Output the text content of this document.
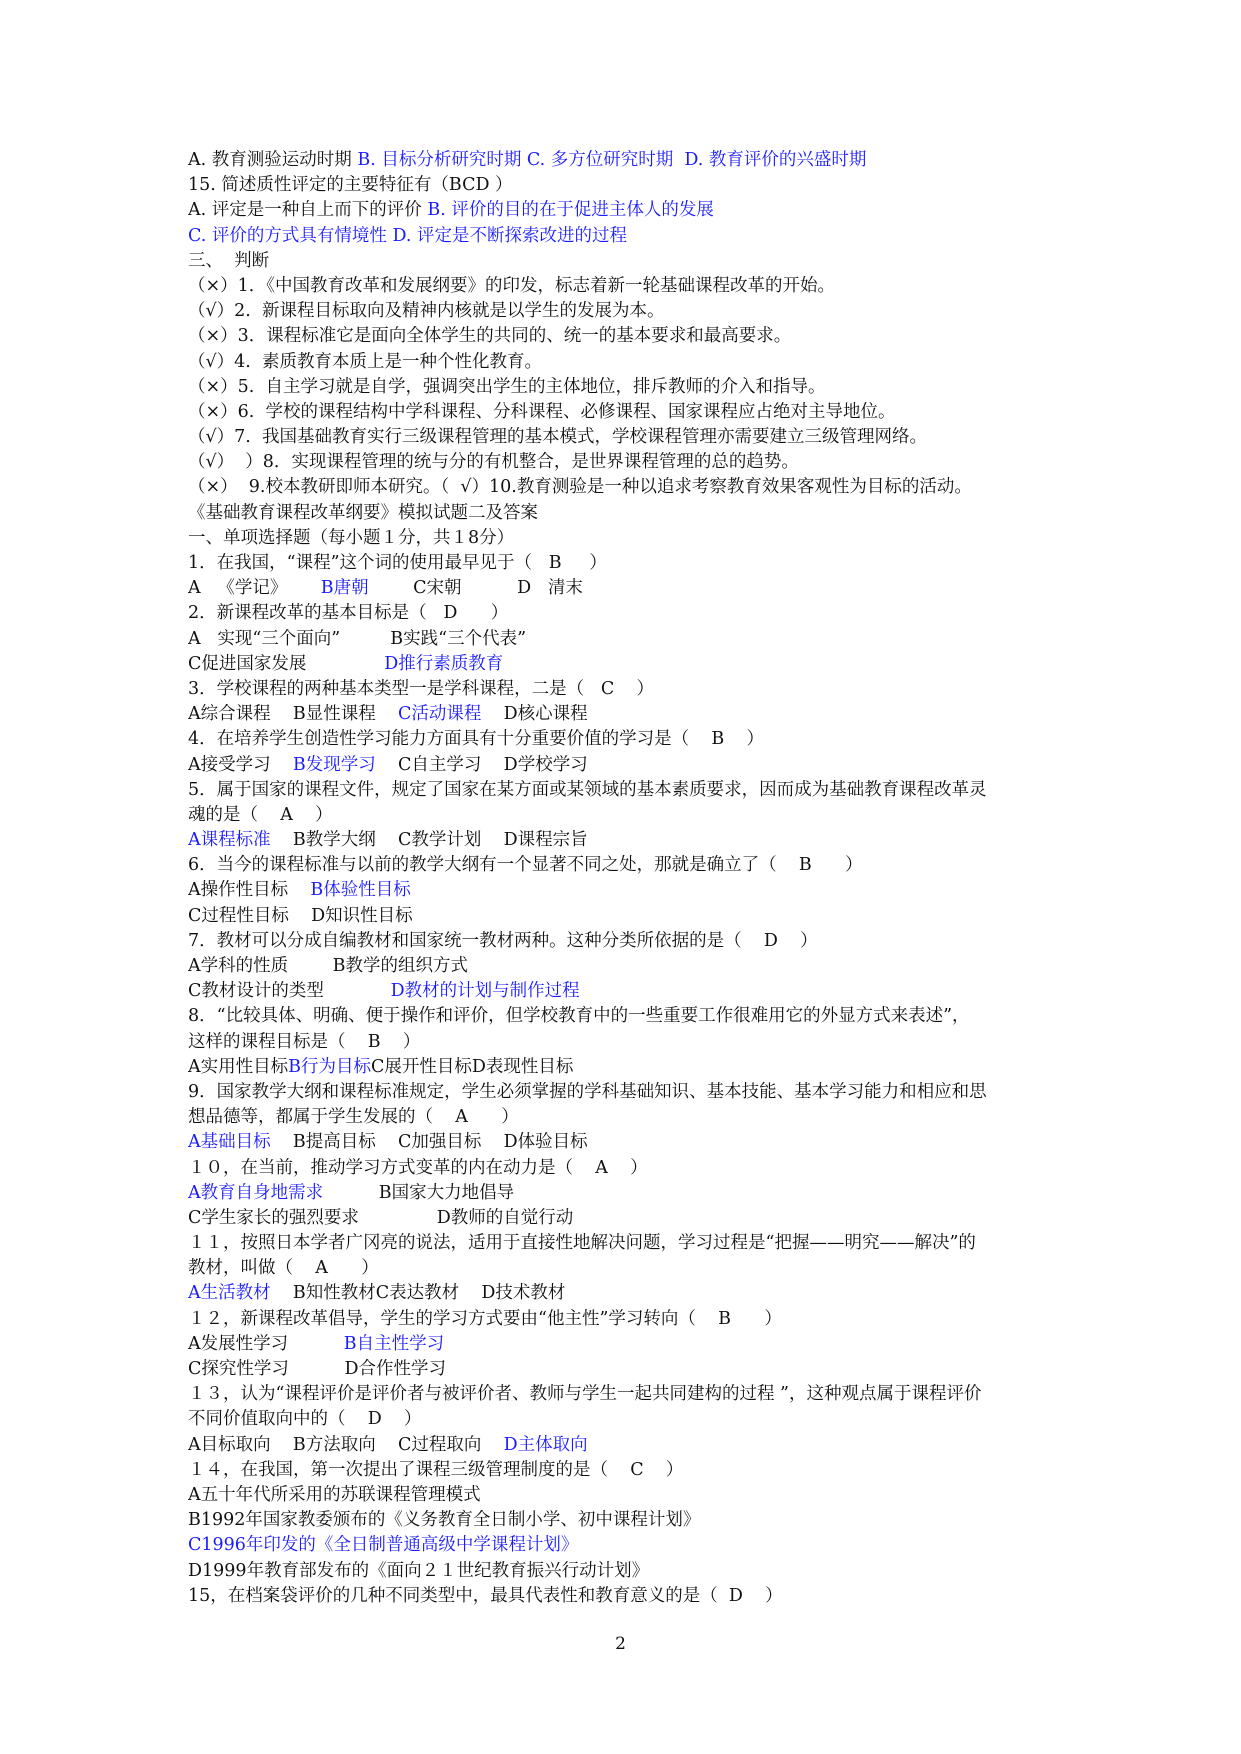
A. 教育测验运动时期 B. 目标分析研究时期 C. 多方位研究时期  D. 教育评价的兴盛时期
15. 简述质性评定的主要特征有（BCD ）
A. 评定是一种自上而下的评价 B. 评价的目的在于促进主体人的发展
C. 评价的方式具有情境性 D. 评定是不断探索改进的过程
三、  判断
（×）1．《中国教育改革和发展纲要》的印发，标志着新一轮基础课程改革的开始。
（√）2.  新课程目标取向及精神内核就是以学生的发展为本。
（×）3．课程标准它是面向全体学生的共同的、统一的基本要求和最高要求。
（√）4.  素质教育本质上是一种个性化教育。
（×）5.  自主学习就是自学，强调突出学生的主体地位，排斥教师的介入和指导。
（×）6.  学校的课程结构中学科课程、分科课程、必修课程、国家课程应占绝对主导地位。
（√）7.  我国基础教育实行三级课程管理的基本模式，学校课程管理亦需要建立三级管理网络。
（√）  ）8．实现课程管理的统与分的有机整合，是世界课程管理的总的趋势。
（×）  9.校本教研即师本研究。（  √）10.教育测验是一种以追求考察教育效果客观性为目标的活动。
《基础教育课程改革纲要》模拟试题二及答案
一、单项选择题（每小题１分，共１8分）
1．在我国，“课程”这个词的使用最早见于（   B     ）
A   《学记》      B唐朝        C宋朝          D   清末
2．新课程改革的基本目标是（   D      ）
A   实现“三个面向”         B实践“三个代表”
C促进国家发展              D推行素质教育
3．学校课程的两种基本类型一是学科课程，二是（   C    ）
A综合课程    B显性课程    C活动课程    D核心课程
4．在培养学生创造性学习能力方面具有十分重要价值的学习是（    B    ）
A接受学习    B发现学习    C自主学习    D学校学习
5．属于国家的课程文件，规定了国家在某方面或某领域的基本素质要求，因而成为基础教育课程改革灵
魂的是（    A    ）
A课程标准    B教学大纲    C教学计划    D课程宗旨
6．当今的课程标准与以前的教学大纲有一个显著不同之处，那就是确立了（    B      ）
A操作性目标    B体验性目标
C过程性目标    D知识性目标
7．教材可以分成自编教材和国家统一教材两种。这种分类所依据的是（    D    ）
A学科的性质        B教学的组织方式
C教材设计的类型            D教材的计划与制作过程
8．“比较具体、明确、便于操作和评价，但学校教育中的一些重要工作很难用它的外显方式来表述”，
这样的课程目标是（    B    ）
A实用性目标B行为目标C展开性目标D表现性目标
9．国家教学大纲和课程标准规定，学生必须掌握的学科基础知识、基本技能、基本学习能力和相应和思
想品德等，都属于学生发展的（    A      ）
A基础目标    B提高目标    C加强目标    D体验目标
１０，在当前，推动学习方式变革的内在动力是（    A    ）
A教育自身地需求          B国家大力地倡导
C学生家长的强烈要求              D教师的自觉行动
１１，按照日本学者广冈亮的说法，适用于直接性地解决问题，学习过程是“把握——明究——解决”的
教材，叫做（    A      ）
A生活教材    B知性教材C表达教材    D技术教材
１２，新课程改革倡导，学生的学习方式要由“他主性”学习转向（    B      ）
A发展性学习          B自主性学习
C探究性学习          D合作性学习
１３，认为“课程评价是评价者与被评价者、教师与学生一起共同建构的过程 ”，这种观点属于课程评价
不同价值取向中的（    D    ）
A目标取向    B方法取向    C过程取向    D主体取向
１４，在我国，第一次提出了课程三级管理制度的是（    C    ）
A五十年代所采用的苏联课程管理模式
B1992年国家教委颁布的《义务教育全日制小学、初中课程计划》
C1996年印发的《全日制普通高级中学课程计划》
D1999年教育部发布的《面向２１世纪教育振兴行动计划》
15，在档案袋评价的几种不同类型中，最具代表性和教育意义的是（  D    ）
2
